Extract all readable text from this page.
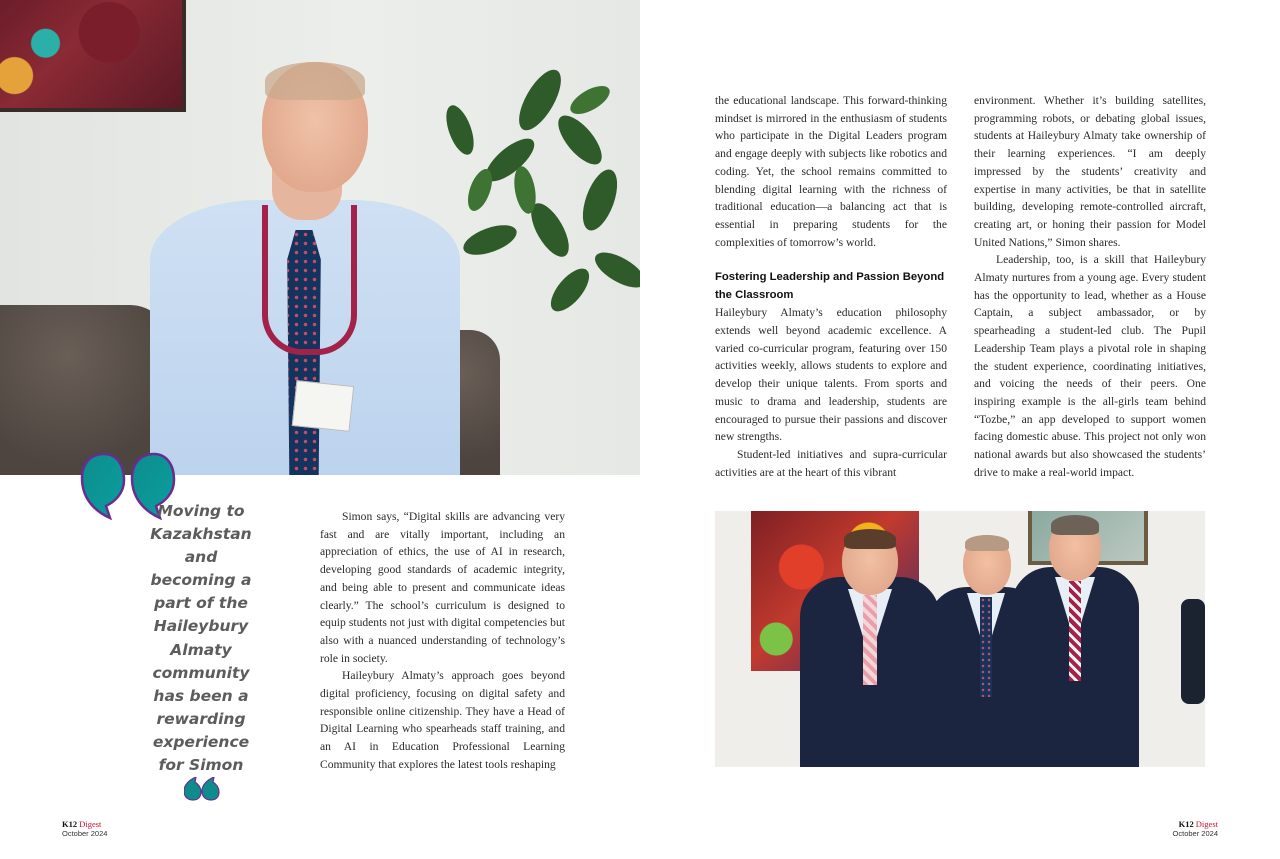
Moving to Kazakhstan and becoming a part of the Haileybury Almaty community has been a rewarding experience for Simon

Simon says, “Digital skills are advancing very fast and are vitally important, including an appreciation of ethics, the use of AI in research, developing good standards of academic integrity, and being able to present and communicate ideas clearly.” The school’s curriculum is designed to equip students not just with digital competencies but also with a nuanced understanding of technology’s role in society.

Haileybury Almaty’s approach goes beyond digital proficiency, focusing on digital safety and responsible online citizenship. They have a Head of Digital Learning who spearheads staff training, and an AI in Education Professional Learning Community that explores the latest tools reshaping

the educational landscape. This forward-thinking mindset is mirrored in the enthusiasm of students who participate in the Digital Leaders program and engage deeply with subjects like robotics and coding. Yet, the school remains committed to blending digital learning with the richness of traditional education—a balancing act that is essential in preparing students for the complexities of tomorrow’s world.

Fostering Leadership and Passion Beyond the Classroom

Haileybury Almaty’s education philosophy extends well beyond academic excellence. A varied co-curricular program, featuring over 150 activities weekly, allows students to explore and develop their unique talents. From sports and music to drama and leadership, students are encouraged to pursue their passions and discover new strengths.

Student-led initiatives and supra-curricular activities are at the heart of this vibrant

environment. Whether it’s building satellites, programming robots, or debating global issues, students at Haileybury Almaty take ownership of their learning experiences. “I am deeply impressed by the students’ creativity and expertise in many activities, be that in satellite building, developing remote-controlled aircraft, creating art, or honing their passion for Model United Nations,” Simon shares.

Leadership, too, is a skill that Haileybury Almaty nurtures from a young age. Every student has the opportunity to lead, whether as a House Captain, a subject ambassador, or by spearheading a student-led club. The Pupil Leadership Team plays a pivotal role in shaping the student experience, coordinating initiatives, and voicing the needs of their peers. One inspiring example is the all-girls team behind “Tozbe,” an app developed to support women facing domestic abuse. This project not only won national awards but also showcased the students’ drive to make a real-world impact.

K12 Digest
October 2024
K12 Digest
October 2024
